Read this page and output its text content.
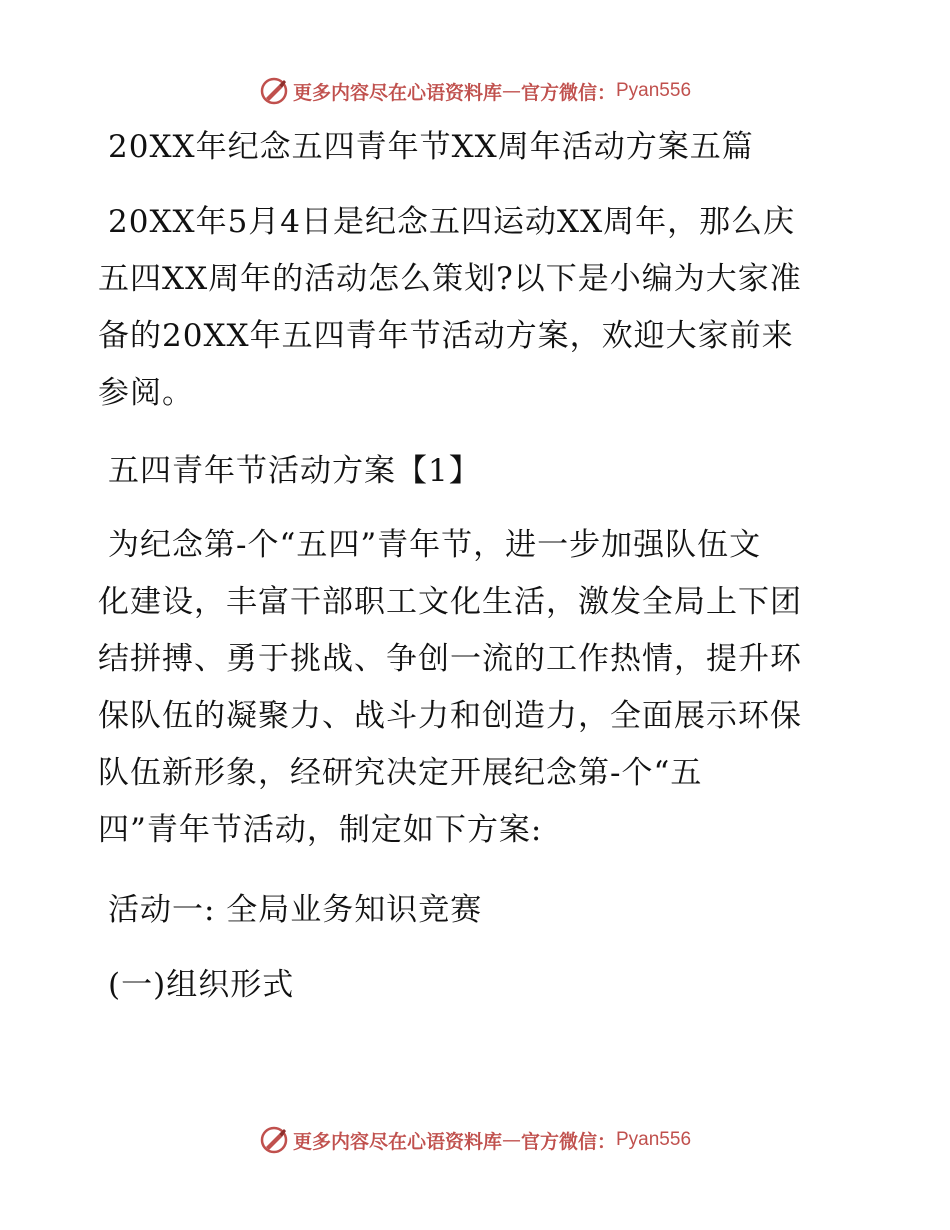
更多内容尽在心语资料库 — 官方微信： Pyan556
20XX年纪念五四青年节XX周年活动方案五篇
20XX年5月4日是纪念五四运动XX周年，那么庆
五四XX周年的活动怎么策划?以下是小编为大家准
备的20XX年五四青年节活动方案，欢迎大家前来
参阅。
五四青年节活动方案【1】
为纪念第-个“五四”青年节，进一步加强队伍文
化建设，丰富干部职工文化生活，激发全局上下团
结拼搏、勇于挑战、争创一流的工作热情，提升环
保队伍的凝聚力、战斗力和创造力，全面展示环保
队伍新形象，经研究决定开展纪念第-个“五
四”青年节活动，制定如下方案:
活动一: 全局业务知识竞赛
(一)组织形式
更多内容尽在心语资料库 — 官方微信： Pyan556
